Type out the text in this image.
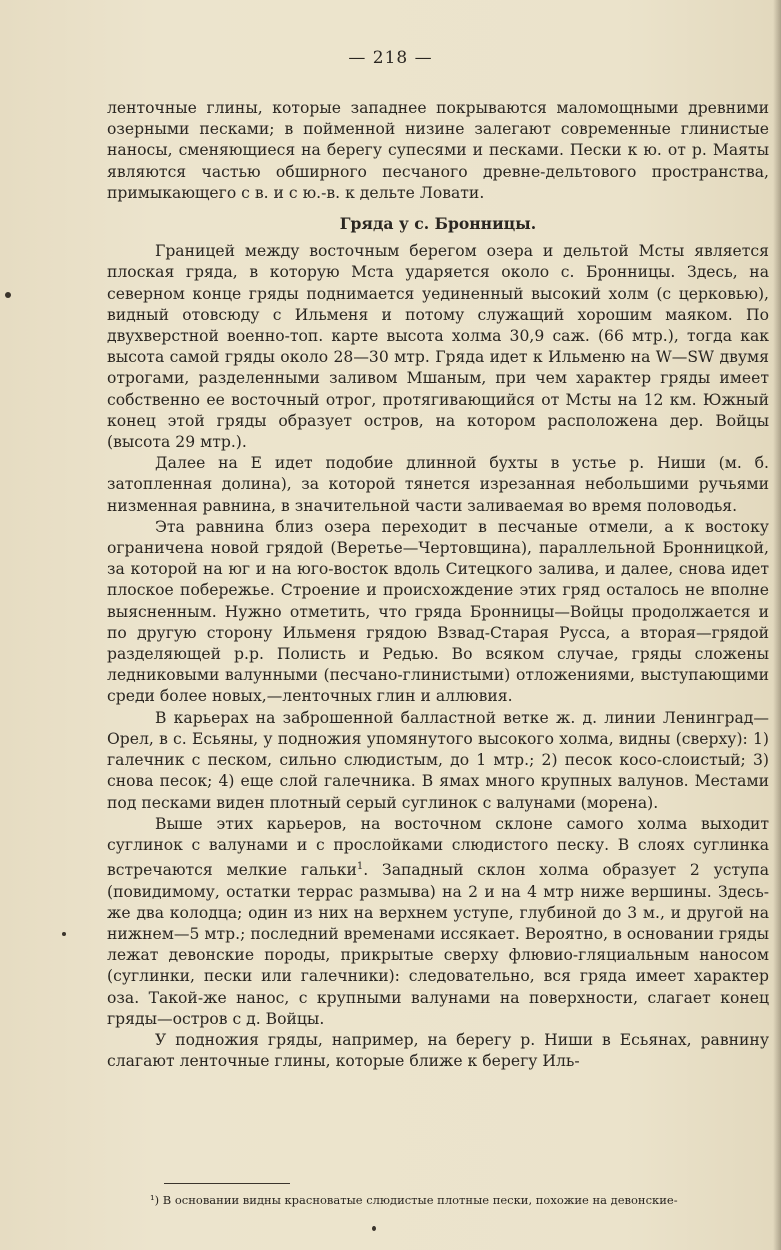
— 218 —

ленточные глины, которые западнее покрываются маломощными древними озерными песками; в пойменной низине залегают современные глинистые наносы, сменяющиеся на берегу супесями и песками. Пески к ю. от р. Маяты являются частью обширного песчаного древне-дельтового пространства, примыкающего с в. и с ю.-в. к дельте Ловати.

Гряда у с. Бронницы.

Границей между восточным берегом озера и дельтой Мсты является плоская гряда, в которую Мста ударяется около с. Бронницы. Здесь, на северном конце гряды поднимается уединенный высокий холм (с церковью), видный отовсюду с Ильменя и потому служащий хорошим маяком. По двухверстной военно-топ. карте высота холма 30,9 саж. (66 мтр.), тогда как высота самой гряды около 28—30 мтр. Гряда идет к Ильменю на W—SW двумя отрогами, разделенными заливом Мшаным, при чем характер гряды имеет собственно ее восточный отрог, протягивающийся от Мсты на 12 км. Южный конец этой гряды образует остров, на котором расположена дер. Войцы (высота 29 мтр.).

Далее на E идет подобие длинной бухты в устье р. Ниши (м. б. затопленная долина), за которой тянется изрезанная небольшими ручьями низменная равнина, в значительной части заливаемая во время половодья.

Эта равнина близ озера переходит в песчаные отмели, а к востоку ограничена новой грядой (Веретье—Чертовщина), параллельной Бронницкой, за которой на юг и на юго-восток вдоль Ситецкого залива, и далее, снова идет плоское побережье. Строение и происхождение этих гряд осталось не вполне выясненным. Нужно отметить, что гряда Бронницы—Войцы продолжается и по другую сторону Ильменя грядою Взвад-Старая Русса, а вторая—грядой разделяющей р.р. Полисть и Редью. Во всяком случае, гряды сложены ледниковыми валунными (песчано-глинистыми) отложениями, выступающими среди более новых,—ленточных глин и аллювия.

В карьерах на заброшенной балластной ветке ж. д. линии Ленинград—Орел, в с. Есьяны, у подножия упомянутого высокого холма, видны (сверху): 1) галечник с песком, сильно слюдистым, до 1 мтр.; 2) песок косо-слоистый; 3) снова песок; 4) еще слой галечника. В ямах много крупных валунов. Местами под песками виден плотный серый суглинок с валунами (морена).

Выше этих карьеров, на восточном склоне самого холма выходит суглинок с валунами и с прослойками слюдистого песку. В слоях суглинка встречаются мелкие гальки$^1$. Западный склон холма образует 2 уступа (повидимому, остатки террас размыва) на 2 и на 4 мтр ниже вершины. Здесь-же два колодца; один из них на верхнем уступе, глубиной до 3 м., и другой на нижнем—5 мтр.; последний временами иссякает. Вероятно, в основании гряды лежат девонские породы, прикрытые сверху флювио-гляциальным наносом (суглинки, пески или галечники): следовательно, вся гряда имеет характер оза. Такой-же нанос, с крупными валунами на поверхности, слагает конец гряды—остров с д. Войцы.

У подножия гряды, например, на берегу р. Ниши в Есьянах, равнину слагают ленточные глины, которые ближе к берегу Иль-

¹) В основании видны красноватые слюдистые плотные пески, похожие на девонские-
